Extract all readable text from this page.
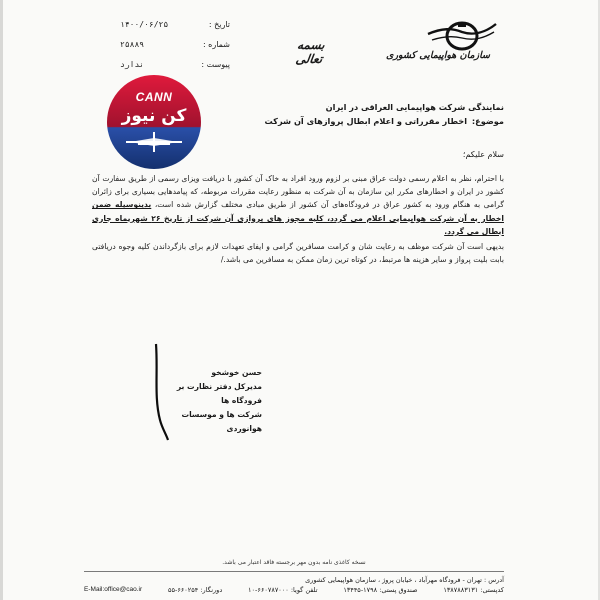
سازمان هواپیمایی کشوری
بسمه تعالی
تاریخ :
۱۴۰۰/۰۶/۲۵
شماره :
۲۵۸۸۹
پیوست :
ندارد
CANN
کن نیوز	نمایندگی شرکت هواپیمایی العراقی در ایران
موضوع: اخطار مقرراتی و اعلام ابطال پروازهای آن شرکت
سلام علیکم؛

با احترام، نظر به اعلام رسمی دولت عراق مبنی بر لزوم ورود افراد به خاک آن کشور با دریافت ویزای رسمی از طریق سفارت آن کشور در ایران و اخطارهای مکرر این سازمان به آن شرکت به منظور رعایت مقررات مربوطه، که پیامدهایی بسیاری برای زائران گرامی به هنگام ورود به کشور عراق در فرودگاه‌های آن کشور از طریق مبادی مختلف گزارش شده است، بدینوسیله ضمن اخطار به آن شرکت هواپیمایی اعلام می گردد، کلیه مجوز های پروازی آن شرکت از تاریخ ۲۶ شهریماه جاری ابطال می گردد.

بدیهی است آن شرکت موظف به رعایت شان و کرامت مسافرین گرامی و ایفای تعهدات لازم برای بازگرداندن کلیه وجوه دریافتی بابت بلیت پرواز و سایر هزینه ها مرتبط، در کوتاه ترین زمان ممکن به مسافرین می باشد./

حسن خوشخو
مدیرکل دفتر نظارت بر فرودگاه ها
شرکت ها و موسسات هوانوردی
نسخه کاغذی نامه بدون مهر برجسته فاقد اعتبار می باشد.
آدرس : تهران - فرودگاه مهرآباد ، خیابان پروژ ، سازمان هواپیمایی کشوری
کدپستی: ۱۳۸۷۸۸۳۱۳۱
صندوق پستی: ۱۷۹۸-۱۳۴۴۵
تلفن گویا: ۶۶۰۷۸۷۰۰۰-۱۰
دورنگار: ۶۶۰۲۵۴-۵۵
E-Mail:office@cao.ir
